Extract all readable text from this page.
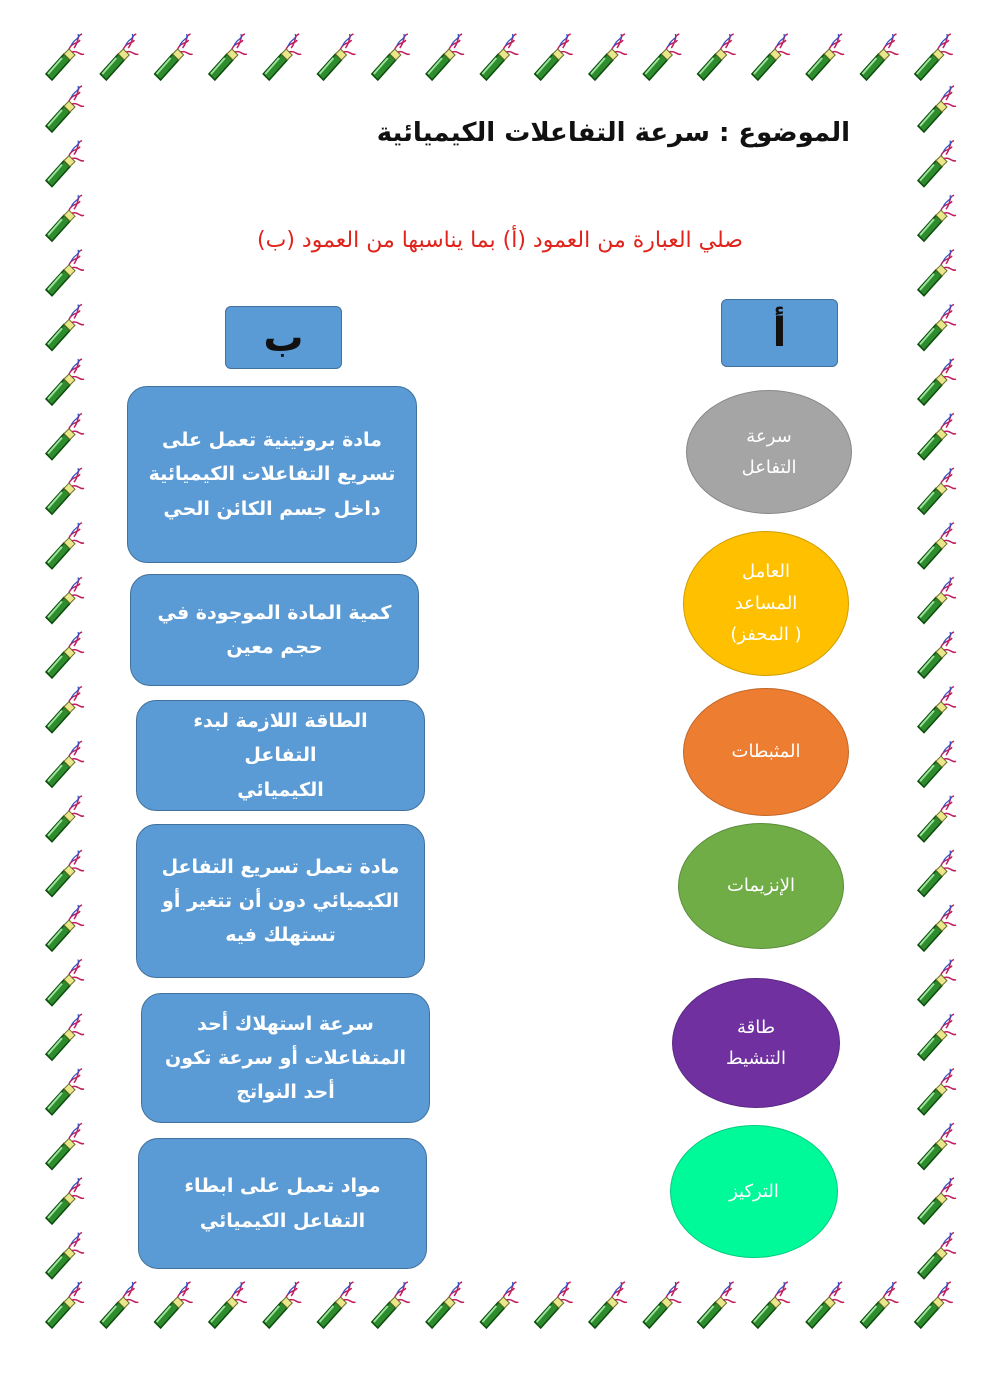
الموضوع : سرعة التفاعلات الكيميائية
صلي العبارة من العمود (أ) بما يناسبها من العمود (ب)
أ
ب
سرعة
التفاعل
العامل
المساعد
( المحفز)
المثبطات
الإنزيمات
طاقة
التنشيط
التركيز
مادة بروتينية تعمل على
تسريع التفاعلات الكيميائية
داخل جسم الكائن الحي
كمية المادة الموجودة في
حجم معين
الطاقة اللازمة لبدء التفاعل
الكيميائي
مادة تعمل تسريع التفاعل
الكيميائي دون أن تتغير أو
تستهلك فيه
سرعة استهلاك أحد
المتفاعلات أو سرعة تكون
أحد النواتج
مواد تعمل على ابطاء
التفاعل الكيميائي
